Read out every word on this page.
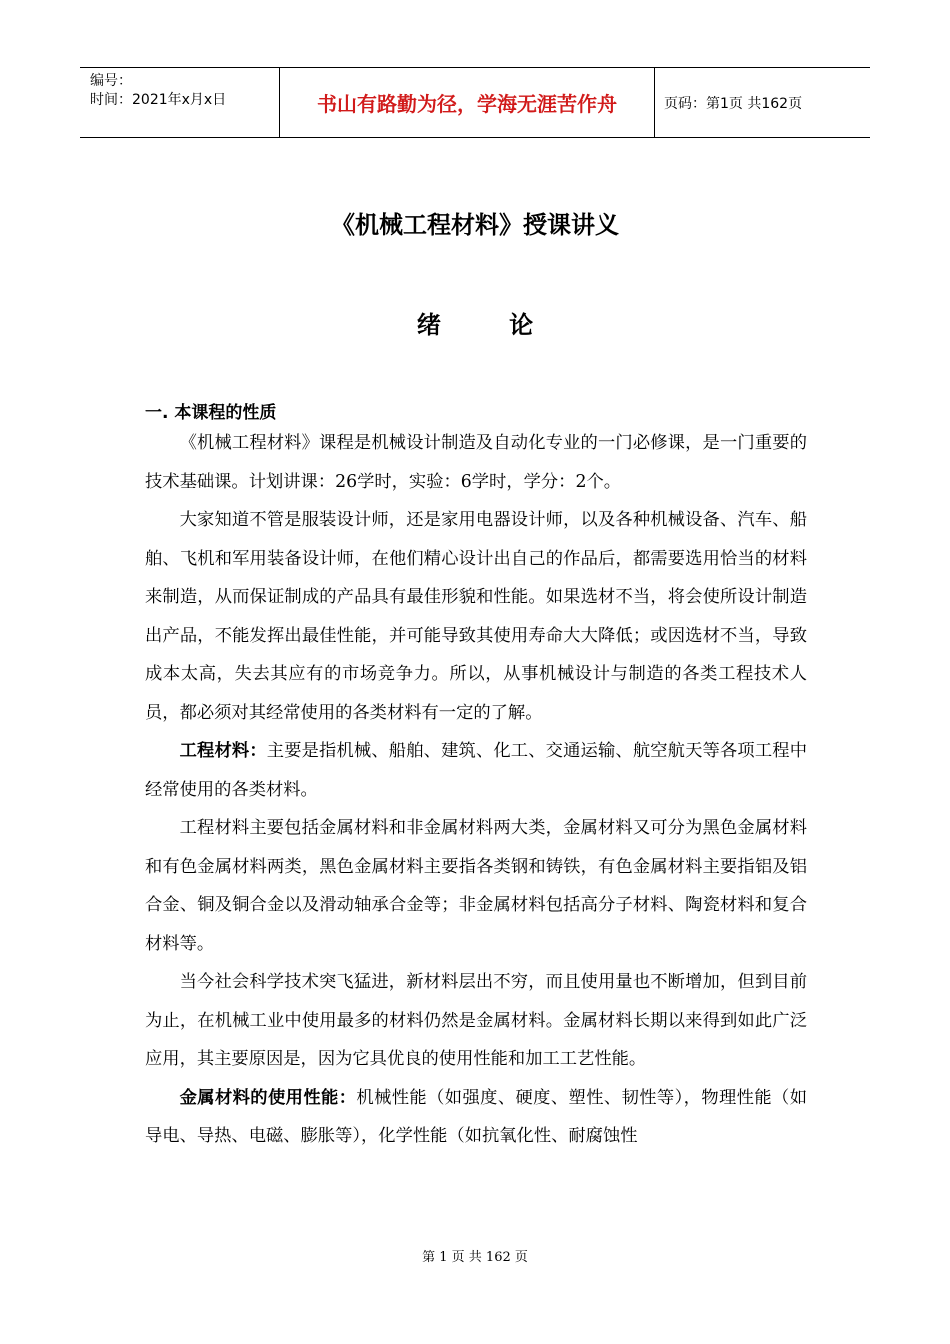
编号：
时间：2021年x月x日	书山有路勤为径，学海无涯苦作舟	页码：第1页 共162页
《机械工程材料》授课讲义
绪 论
一. 本课程的性质

《机械工程材料》课程是机械设计制造及自动化专业的一门必修课，是一门重要的技术基础课。计划讲课：26学时，实验：6学时，学分：2个。

大家知道不管是服装设计师，还是家用电器设计师，以及各种机械设备、汽车、船舶、飞机和军用装备设计师，在他们精心设计出自己的作品后，都需要选用恰当的材料来制造，从而保证制成的产品具有最佳形貌和性能。如果选材不当，将会使所设计制造出产品，不能发挥出最佳性能，并可能导致其使用寿命大大降低；或因选材不当，导致成本太高，失去其应有的市场竞争力。所以，从事机械设计与制造的各类工程技术人员，都必须对其经常使用的各类材料有一定的了解。

工程材料：主要是指机械、船舶、建筑、化工、交通运输、航空航天等各项工程中经常使用的各类材料。

工程材料主要包括金属材料和非金属材料两大类，金属材料又可分为黑色金属材料和有色金属材料两类，黑色金属材料主要指各类钢和铸铁，有色金属材料主要指铝及铝合金、铜及铜合金以及滑动轴承合金等；非金属材料包括高分子材料、陶瓷材料和复合材料等。

当今社会科学技术突飞猛进，新材料层出不穷，而且使用量也不断增加，但到目前为止，在机械工业中使用最多的材料仍然是金属材料。金属材料长期以来得到如此广泛应用，其主要原因是，因为它具优良的使用性能和加工工艺性能。

金属材料的使用性能：机械性能（如强度、硬度、塑性、韧性等），物理性能（如导电、导热、电磁、膨胀等），化学性能（如抗氧化性、耐腐蚀性

第 1 页 共 162 页
